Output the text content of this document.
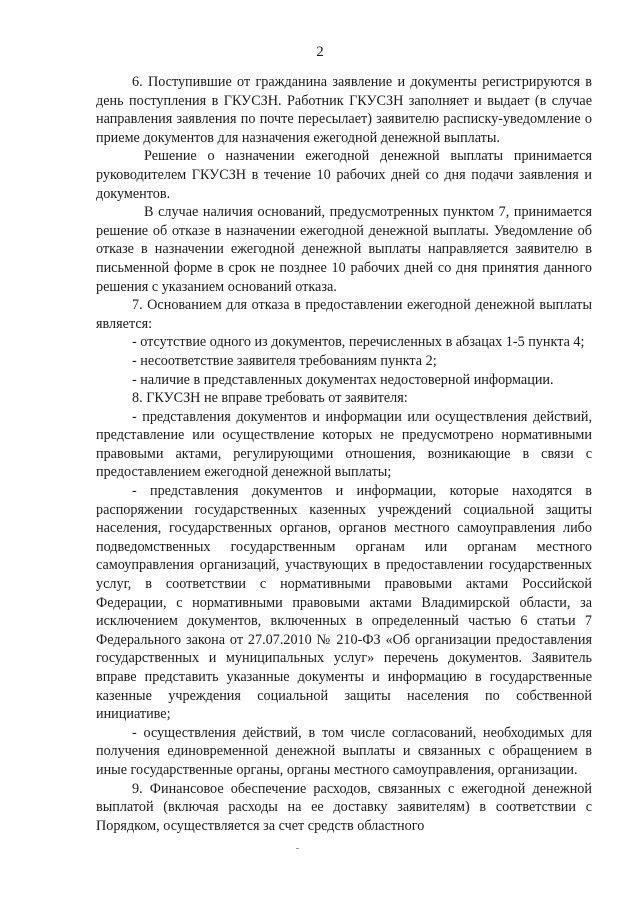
2

6. Поступившие от гражданина заявление и документы регистрируются в день поступления в ГКУСЗН. Работник ГКУСЗН заполняет и выдает (в случае направления заявления по почте пересылает) заявителю расписку-уведомление о приеме документов для назначения ежегодной денежной выплаты.

Решение о назначении ежегодной денежной выплаты принимается руководителем ГКУСЗН в течение 10 рабочих дней со дня подачи заявления и документов.

В случае наличия оснований, предусмотренных пунктом 7, принимается решение об отказе в назначении ежегодной денежной выплаты. Уведомление об отказе в назначении ежегодной денежной выплаты направляется заявителю в письменной форме в срок не позднее 10 рабочих дней со дня принятия данного решения с указанием оснований отказа.

7. Основанием для отказа в предоставлении ежегодной денежной выплаты является:

- отсутствие одного из документов, перечисленных в абзацах 1-5 пункта 4;

- несоответствие заявителя требованиям пункта 2;

- наличие в представленных документах недостоверной информации.

8. ГКУСЗН не вправе требовать от заявителя:

- представления документов и информации или осуществления действий, представление или осуществление которых не предусмотрено нормативными правовыми актами, регулирующими отношения, возникающие в связи с предоставлением ежегодной денежной выплаты;

- представления документов и информации, которые находятся в распоряжении государственных казенных учреждений социальной защиты населения, государственных органов, органов местного самоуправления либо подведомственных государственным органам или органам местного самоуправления организаций, участвующих в предоставлении государственных услуг, в соответствии с нормативными правовыми актами Российской Федерации, с нормативными правовыми актами Владимирской области, за исключением документов, включенных в определенный частью 6 статьи 7 Федерального закона от 27.07.2010 № 210-ФЗ «Об организации предоставления государственных и муниципальных услуг» перечень документов. Заявитель вправе представить указанные документы и информацию в государственные казенные учреждения социальной защиты населения по собственной инициативе;

- осуществления действий, в том числе согласований, необходимых для получения единовременной денежной выплаты и связанных с обращением в иные государственные органы, органы местного самоуправления, организации.

9. Финансовое обеспечение расходов, связанных с ежегодной денежной выплатой (включая расходы на ее доставку заявителям) в соответствии с Порядком, осуществляется за счет средств областного
